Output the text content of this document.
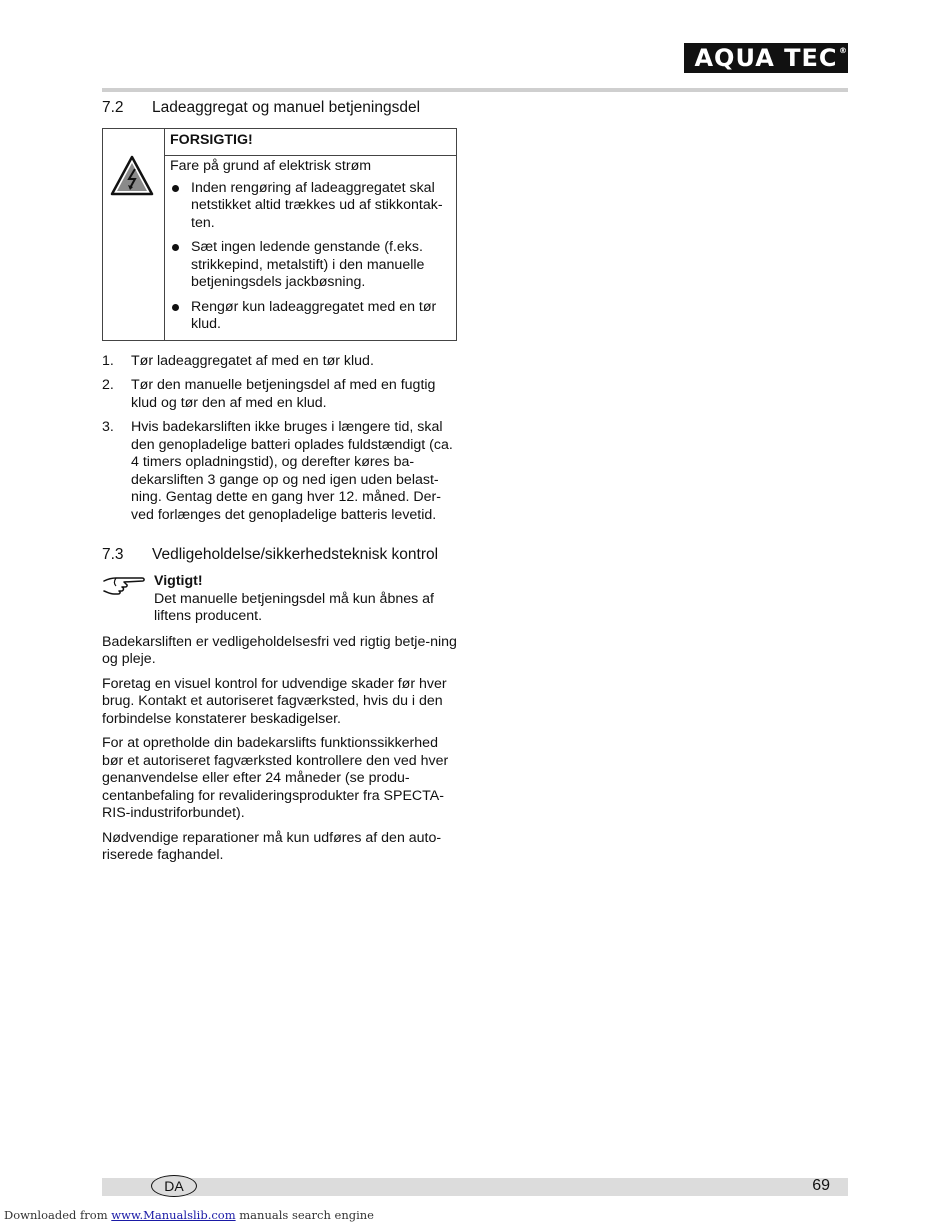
AQUA TEC ®
7.2 Ladeaggregat og manuel betjeningsdel
	FORSIGTIG!

Fare på grund af elektrisk strøm
Inden rengøring af ladeaggregatet skal netstikket altid trækkes ud af stikkontak-ten.
Sæt ingen ledende genstande (f.eks. strikkepind, metalstift) i den manuelle betjeningsdels jackbøsning.
Rengør kun ladeaggregatet med en tør klud.
1.	Tør ladeaggregatet af med en tør klud.
2.	Tør den manuelle betjeningsdel af med en fugtig klud og tør den af med en klud.
3.	Hvis badekarsliften ikke bruges i længere tid, skal den genopladelige batteri oplades fuldstændigt (ca. 4 timers opladningstid), og derefter køres ba-dekarsliften 3 gange op og ned igen uden belast-ning. Gentag dette en gang hver 12. måned. Der-ved forlænges det genopladelige batteris levetid.
7.3	Vedligeholdelse/sikkerhedsteknisk kontrol
Vigtigt!
Det manuelle betjeningsdel må kun åbnes af liftens producent.

Badekarsliften er vedligeholdelsesfri ved rigtig betje-ning og pleje.

Foretag en visuel kontrol for udvendige skader før hver brug. Kontakt et autoriseret fagværksted, hvis du i den forbindelse konstaterer beskadigelser.

For at opretholde din badekarslifts funktionssikkerhed bør et autoriseret fagværksted kontrollere den ved hver genanvendelse eller efter 24 måneder (se produ-centanbefaling for revalideringsprodukter fra SPECTA-RIS-industriforbundet).

Nødvendige reparationer må kun udføres af den auto-riserede faghandel.

DA	69
Downloaded from www.Manualslib.com manuals search engine
